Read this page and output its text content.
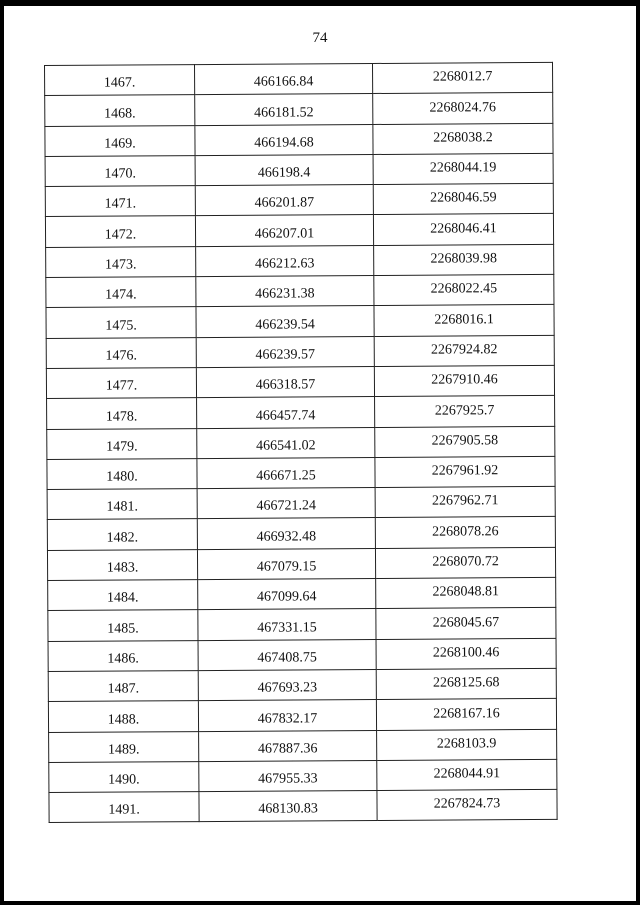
74
1467.	466166.84	2268012.7
1468.	466181.52	2268024.76
1469.	466194.68	2268038.2
1470.	466198.4	2268044.19
1471.	466201.87	2268046.59
1472.	466207.01	2268046.41
1473.	466212.63	2268039.98
1474.	466231.38	2268022.45
1475.	466239.54	2268016.1
1476.	466239.57	2267924.82
1477.	466318.57	2267910.46
1478.	466457.74	2267925.7
1479.	466541.02	2267905.58
1480.	466671.25	2267961.92
1481.	466721.24	2267962.71
1482.	466932.48	2268078.26
1483.	467079.15	2268070.72
1484.	467099.64	2268048.81
1485.	467331.15	2268045.67
1486.	467408.75	2268100.46
1487.	467693.23	2268125.68
1488.	467832.17	2268167.16
1489.	467887.36	2268103.9
1490.	467955.33	2268044.91
1491.	468130.83	2267824.73
